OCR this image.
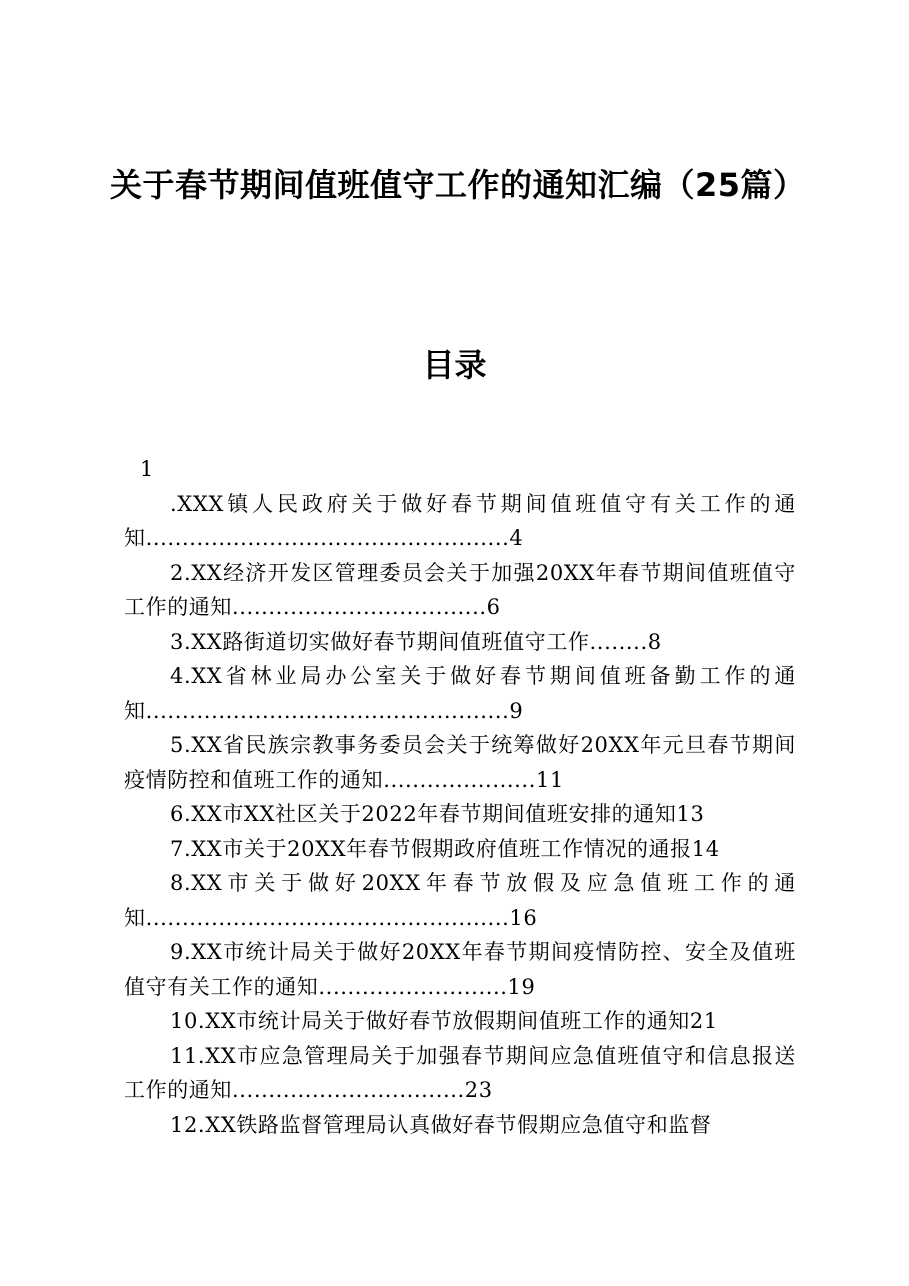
关于春节期间值班值守工作的通知汇编（25篇）
目录
1

.XXX镇人民政府关于做好春节期间值班值守有关工作的通知..................................................4

2.XX经济开发区管理委员会关于加强20XX年春节期间值班值守工作的通知...................................6

3.XX路街道切实做好春节期间值班值守工作........8

4.XX省林业局办公室关于做好春节期间值班备勤工作的通知..................................................9

5.XX省民族宗教事务委员会关于统筹做好20XX年元旦春节期间疫情防控和值班工作的通知.....................11

6.XX市XX社区关于2022年春节期间值班安排的通知13

7.XX市关于20XX年春节假期政府值班工作情况的通报14

8.XX市关于做好20XX年春节放假及应急值班工作的通知..................................................16

9.XX市统计局关于做好20XX年春节期间疫情防控、安全及值班值守有关工作的通知..........................19

10.XX市统计局关于做好春节放假期间值班工作的通知21

11.XX市应急管理局关于加强春节期间应急值班值守和信息报送工作的通知................................23

12.XX铁路监督管理局认真做好春节假期应急值守和监督
